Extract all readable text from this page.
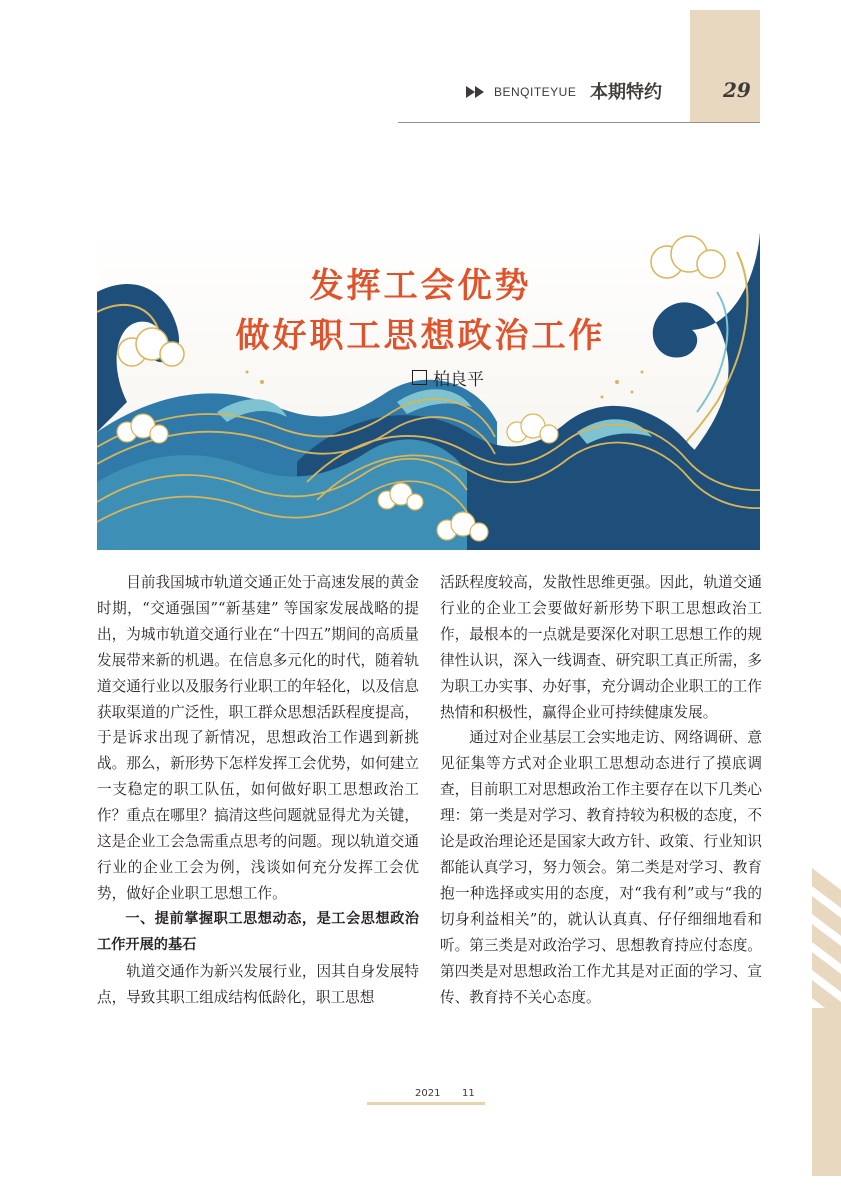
BENQITEYUE 本期特约	29
发挥工会优势
做好职工思想政治工作
柏良平

目前我国城市轨道交通正处于高速发展的黄金时期，“交通强国”“新基建” 等国家发展战略的提出，为城市轨道交通行业在“十四五”期间的高质量发展带来新的机遇。在信息多元化的时代，随着轨道交通行业以及服务行业职工的年轻化，以及信息获取渠道的广泛性，职工群众思想活跃程度提高，于是诉求出现了新情况，思想政治工作遇到新挑战。那么，新形势下怎样发挥工会优势，如何建立一支稳定的职工队伍，如何做好职工思想政治工作？重点在哪里？搞清这些问题就显得尤为关键，这是企业工会急需重点思考的问题。现以轨道交通行业的企业工会为例，浅谈如何充分发挥工会优势，做好企业职工思想工作。

一、提前掌握职工思想动态，是工会思想政治工作开展的基石

轨道交通作为新兴发展行业，因其自身发展特点，导致其职工组成结构低龄化，职工思想

活跃程度较高，发散性思维更强。因此，轨道交通行业的企业工会要做好新形势下职工思想政治工作，最根本的一点就是要深化对职工思想工作的规律性认识，深入一线调查、研究职工真正所需，多为职工办实事、办好事，充分调动企业职工的工作热情和积极性，赢得企业可持续健康发展。

通过对企业基层工会实地走访、网络调研、意见征集等方式对企业职工思想动态进行了摸底调查，目前职工对思想政治工作主要存在以下几类心理：第一类是对学习、教育持较为积极的态度，不论是政治理论还是国家大政方针、政策、行业知识都能认真学习，努力领会。第二类是对学习、教育抱一种选择或实用的态度，对“我有利”或与“我的切身利益相关”的，就认认真真、仔仔细细地看和听。第三类是对政治学习、思想教育持应付态度。第四类是对思想政治工作尤其是对正面的学习、宣传、教育持不关心态度。

2021 11
